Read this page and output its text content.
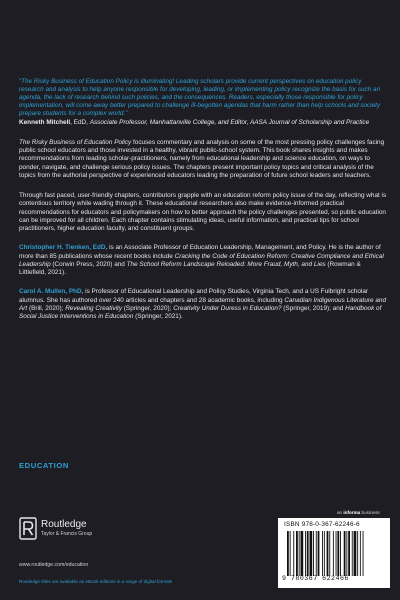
“The Risky Business of Education Policy is illuminating! Leading scholars provide current perspectives on education policy research and analysis to help anyone responsible for developing, leading, or implementing policy recognize the basis for such an agenda, the lack of research behind such policies, and the consequences. Readers, especially those responsible for policy implementation, will come away better prepared to challenge ill-begotten agendas that harm rather than help schools and society prepare students for a complex world.”

Kenneth Mitchell, EdD, Associate Professor, Manhattanville College, and Editor, AASA Journal of Scholarship and Practice

The Risky Business of Education Policy focuses commentary and analysis on some of the most pressing policy challenges facing public school educators and those invested in a healthy, vibrant public-school system. This book shares insights and makes recommendations from leading scholar-practitioners, namely from educational leadership and science education, on ways to ponder, navigate, and challenge serious policy issues. The chapters present important policy topics and critical analysis of the topics from the authorial perspective of experienced educators leading the preparation of future school leaders and teachers.

Through fast paced, user-friendly chapters, contributors grapple with an education reform policy issue of the day, reflecting what is contentious territory while wading through it. These educational researchers also make evidence-informed practical recommendations for educators and policymakers on how to better approach the policy challenges presented, so public education can be improved for all children. Each chapter contains stimulating ideas, useful information, and practical tips for school practitioners, higher education faculty, and constituent groups.

Christopher H. Tienken, EdD, is an Associate Professor of Education Leadership, Management, and Policy. He is the author of more than 85 publications whose recent books include Cracking the Code of Education Reform: Creative Compliance and Ethical Leadership (Corwin Press, 2020) and The School Reform Landscape Reloaded: More Fraud, Myth, and Lies (Rowman & Littlefield, 2021).

Carol A. Mullen, PhD, is Professor of Educational Leadership and Policy Studies, Virginia Tech, and a US Fulbright scholar alumnus. She has authored over 240 articles and chapters and 28 academic books, including Canadian Indigenous Literature and Art (Brill, 2020); Revealing Creativity (Springer, 2020); Creativity Under Duress in Education? (Springer, 2019); and Handbook of Social Justice Interventions in Education (Springer, 2021).

EDUCATION
Routledge
Taylor & Francis Group
www.routledge.com/education
Routledge titles are available as eBook editions in a range of digital formats
an informa business
ISBN 978-0-367-62246-6
9 780367 622466
